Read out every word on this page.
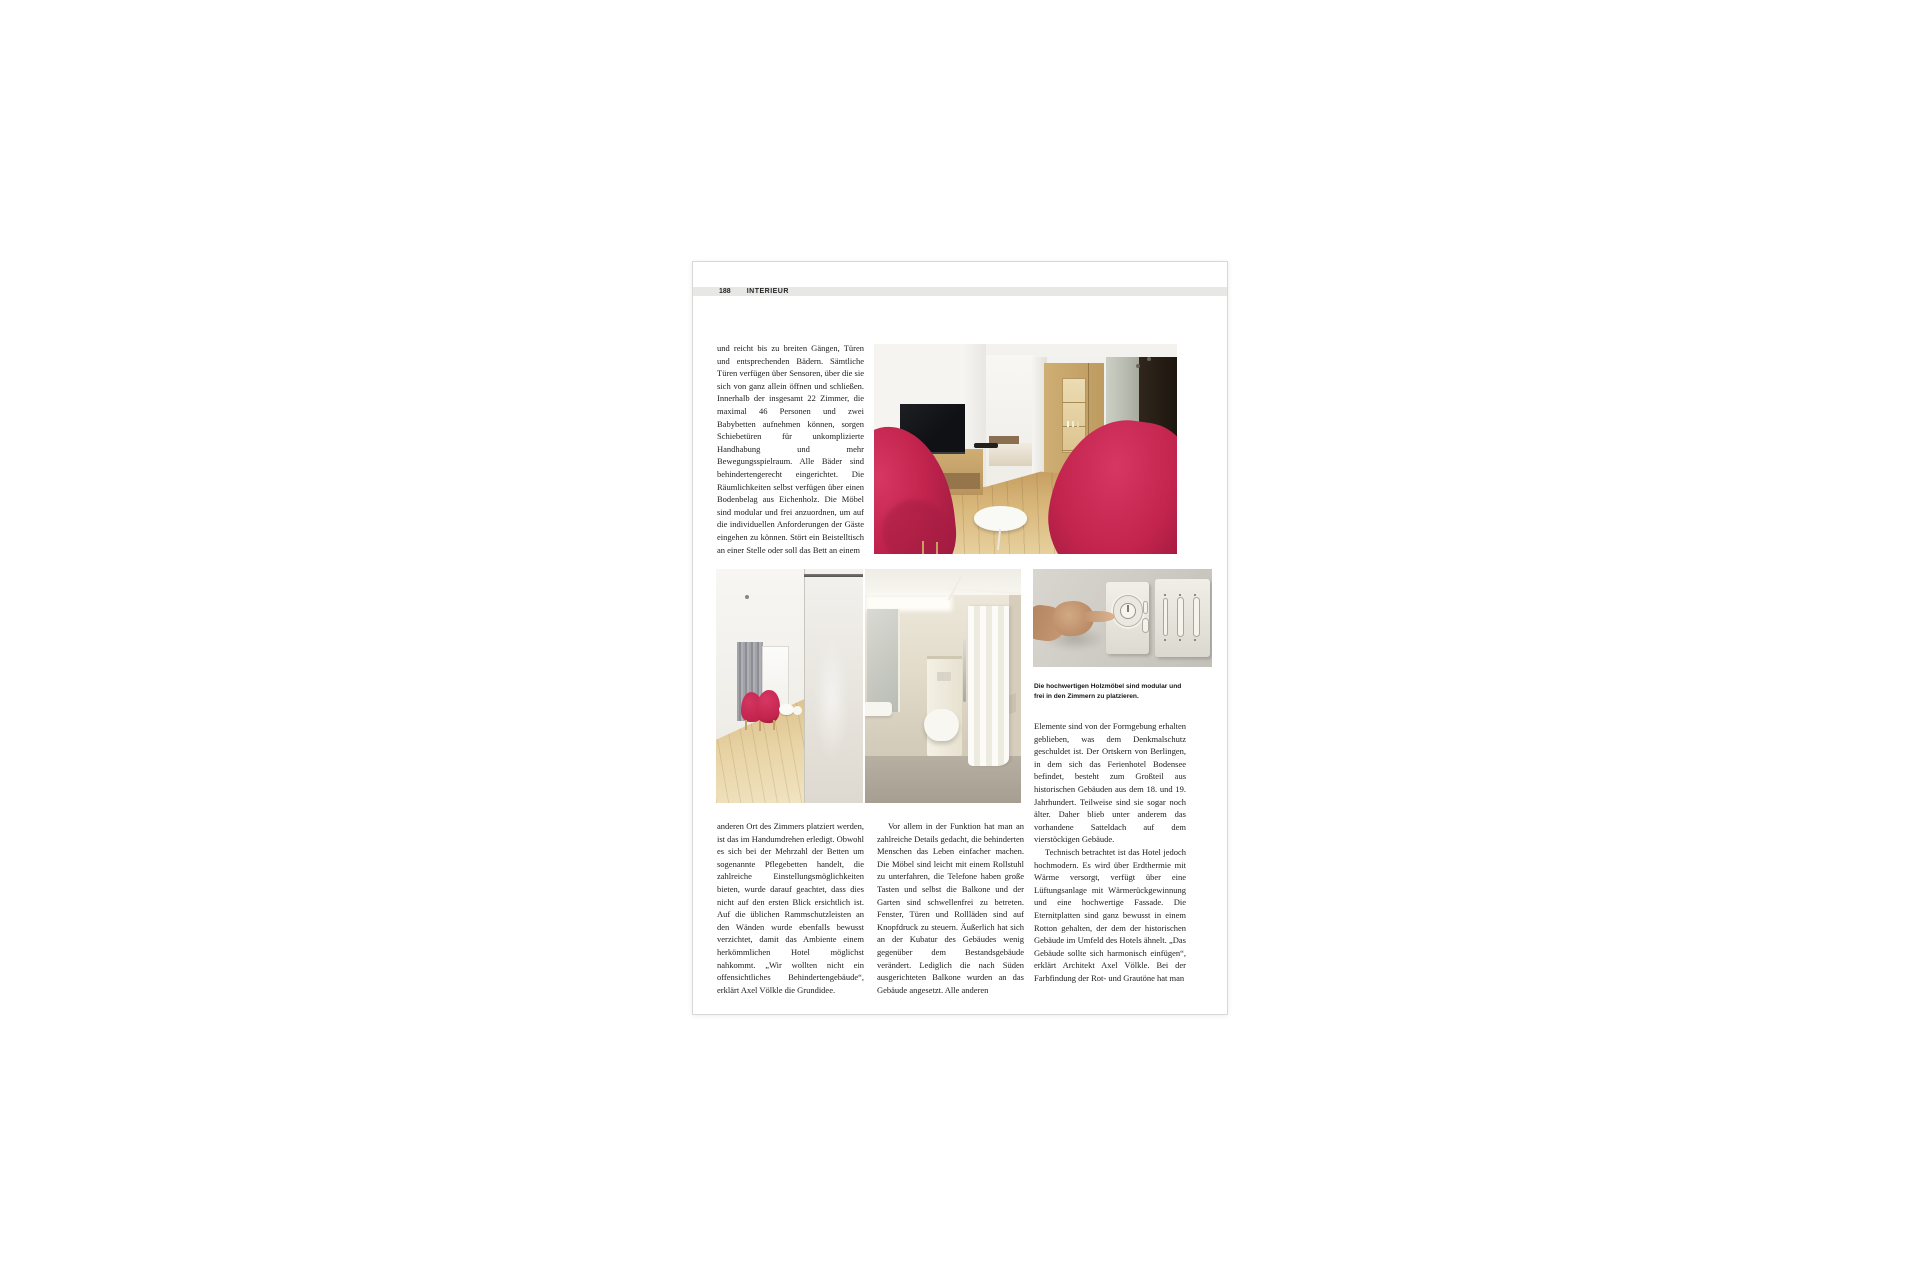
188 INTERIEUR

und reicht bis zu breiten Gängen, Türen und entsprechenden Bädern. Sämtliche Türen verfügen über Sensoren, über die sie sich von ganz allein öffnen und schließen. Innerhalb der insgesamt 22 Zimmer, die maximal 46 Personen und zwei Babybetten aufnehmen können, sorgen Schiebetüren für unkomplizierte Handhabung und mehr Bewegungsspielraum. Alle Bäder sind behindertengerecht eingerichtet. Die Räumlichkeiten selbst verfügen über einen Bodenbelag aus Eichenholz. Die Möbel sind modular und frei anzuordnen, um auf die individuellen Anforderungen der Gäste eingehen zu können. Stört ein Beistelltisch an einer Stelle oder soll das Bett an einem

Die hochwertigen Holzmöbel sind modular und frei in den Zimmern zu platzieren.

Elemente sind von der Formgebung erhalten geblieben, was dem Denkmalschutz geschuldet ist. Der Ortskern von Berlingen, in dem sich das Ferienhotel Bodensee befindet, besteht zum Großteil aus historischen Gebäuden aus dem 18. und 19. Jahrhundert. Teilweise sind sie sogar noch älter. Daher blieb unter anderem das vorhandene Satteldach auf dem vierstöckigen Gebäude.

Technisch betrachtet ist das Hotel jedoch hochmodern. Es wird über Erdthermie mit Wärme versorgt, verfügt über eine Lüftungsanlage mit Wärmerückgewinnung und eine hochwertige Fassade. Die Eternitplatten sind ganz bewusst in einem Rotton gehalten, der dem der historischen Gebäude im Umfeld des Hotels ähnelt. „Das Gebäude sollte sich harmonisch einfügen“, erklärt Architekt Axel Völkle. Bei der Farbfindung der Rot- und Grautöne hat man

anderen Ort des Zimmers platziert werden, ist das im Handumdrehen erledigt. Obwohl es sich bei der Mehrzahl der Betten um sogenannte Pflegebetten handelt, die zahlreiche Einstellungsmöglichkeiten bieten, wurde darauf geachtet, dass dies nicht auf den ersten Blick ersichtlich ist. Auf die üblichen Rammschutzleisten an den Wänden wurde ebenfalls bewusst verzichtet, damit das Ambiente einem herkömmlichen Hotel möglichst nahkommt. „Wir wollten nicht ein offensichtliches Behindertengebäude“, erklärt Axel Völkle die Grundidee.

Vor allem in der Funktion hat man an zahlreiche Details gedacht, die behinderten Menschen das Leben einfacher machen. Die Möbel sind leicht mit einem Rollstuhl zu unterfahren, die Telefone haben große Tasten und selbst die Balkone und der Garten sind schwellenfrei zu betreten. Fenster, Türen und Rollläden sind auf Knopfdruck zu steuern. Äußerlich hat sich an der Kubatur des Gebäudes wenig gegenüber dem Bestandsgebäude verändert. Lediglich die nach Süden ausgerichteten Balkone wurden an das Gebäude angesetzt. Alle anderen
